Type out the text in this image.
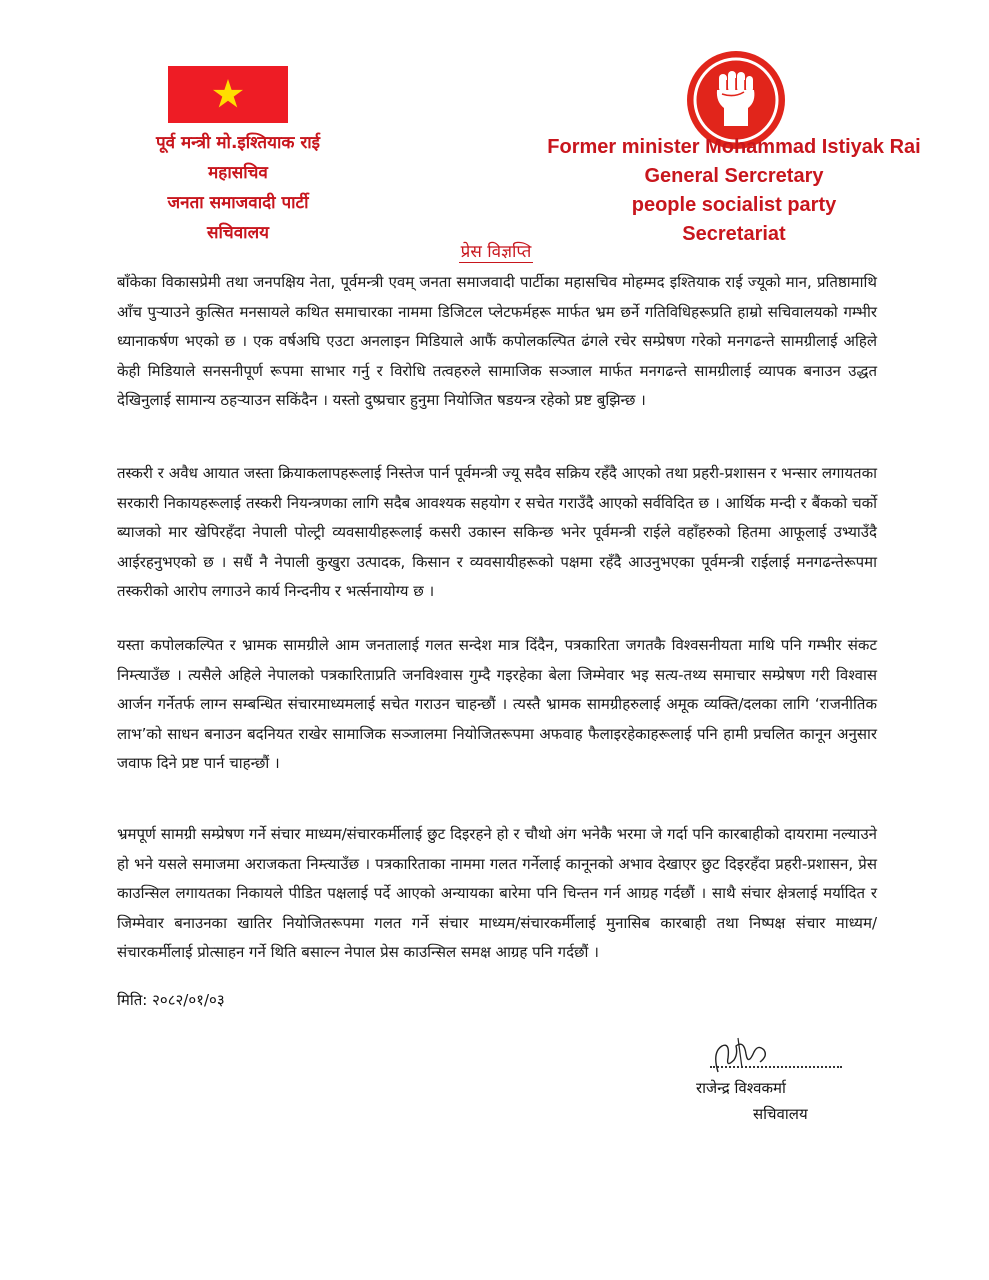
पूर्व मन्त्री मो.इश्तियाक राई
महासचिव
जनता समाजवादी पार्टी
सचिवालय
Former minister Mohammad Istiyak Rai
General Sercretary
people socialist party
Secretariat
प्रेस विज्ञप्ति
बाँकेका विकासप्रेमी तथा जनपक्षिय नेता, पूर्वमन्त्री एवम् जनता समाजवादी पार्टीका महासचिव मोहम्मद इश्तियाक राई ज्यूको मान, प्रतिष्ठामाथि आँच पुऱ्याउने कुत्सित मनसायले कथित समाचारका नाममा डिजिटल प्लेटफर्महरू मार्फत भ्रम छर्ने गतिविधिहरूप्रति हाम्रो सचिवालयको गम्भीर ध्यानाकर्षण भएको छ । एक वर्षअघि एउटा अनलाइन मिडियाले आफैं कपोलकल्पित ढंगले रचेर सम्प्रेषण गरेको मनगढन्ते सामग्रीलाई अहिले केही मिडियाले सनसनीपूर्ण रूपमा साभार गर्नु र विरोधि तत्वहरुले सामाजिक सञ्जाल मार्फत मनगढन्ते सामग्रीलाई व्यापक बनाउन उद्धत देखिनुलाई सामान्य ठहऱ्याउन सकिंदैन । यस्तो दुष्प्रचार हुनुमा नियोजित षडयन्त्र रहेको प्रष्ट बुझिन्छ ।
तस्करी र अवैध आयात जस्ता क्रियाकलापहरूलाई निस्तेज पार्न पूर्वमन्त्री ज्यू सदैव सक्रिय रहँदै आएको तथा प्रहरी-प्रशासन र भन्सार लगायतका सरकारी निकायहरूलाई तस्करी नियन्त्रणका लागि सदैब आवश्यक सहयोग र सचेत गराउँदै आएको सर्वविदित छ । आर्थिक मन्दी र बैंकको चर्को ब्याजको मार खेपिरहँदा नेपाली पोल्ट्री व्यवसायीहरूलाई कसरी उकास्न सकिन्छ भनेर पूर्वमन्त्री राईले वहाँहरुको हितमा आफूलाई उभ्याउँदै आईरहनुभएको छ । सधैं नै नेपाली कुखुरा उत्पादक, किसान र व्यवसायीहरूको पक्षमा रहँदै आउनुभएका पूर्वमन्त्री राईलाई मनगढन्तेरूपमा तस्करीको आरोप लगाउने कार्य निन्दनीय र भर्त्सनायोग्य छ ।
यस्ता कपोलकल्पित र भ्रामक सामग्रीले आम जनतालाई गलत सन्देश मात्र दिंदैन, पत्रकारिता जगतकै विश्वसनीयता माथि पनि गम्भीर संकट निम्त्याउँछ । त्यसैले अहिले नेपालको पत्रकारिताप्रति जनविश्वास गुम्दै गइरहेका बेला जिम्मेवार भइ सत्य-तथ्य समाचार सम्प्रेषण गरी विश्वास आर्जन गर्नेतर्फ लाग्न सम्बन्धित संचारमाध्यमलाई सचेत गराउन चाहन्छौं । त्यस्तै भ्रामक सामग्रीहरुलाई अमूक व्यक्ति/दलका लागि ‘राजनीतिक लाभ’को साधन बनाउन बदनियत राखेर सामाजिक सञ्जालमा नियोजितरूपमा अफवाह फैलाइरहेकाहरूलाई पनि हामी प्रचलित कानून अनुसार जवाफ दिने प्रष्ट पार्न चाहन्छौं ।
भ्रमपूर्ण सामग्री सम्प्रेषण गर्ने संचार माध्यम/संचारकर्मीलाई छुट दिइरहने हो र चौथो अंग भनेकै भरमा जे गर्दा पनि कारबाहीको दायरामा नल्याउने हो भने यसले समाजमा अराजकता निम्त्याउँछ । पत्रकारिताका नाममा गलत गर्नेलाई कानूनको अभाव देखाएर छुट दिइरहँदा प्रहरी-प्रशासन, प्रेस काउन्सिल लगायतका निकायले पीडित पक्षलाई पर्दे आएको अन्यायका बारेमा पनि चिन्तन गर्न आग्रह गर्दछौं । साथै संचार क्षेत्रलाई मर्यादित र जिम्मेवार बनाउनका खातिर नियोजितरूपमा गलत गर्ने संचार माध्यम/संचारकर्मीलाई मुनासिब कारबाही तथा निष्पक्ष संचार माध्यम/संचारकर्मीलाई प्रोत्साहन गर्ने थिति बसाल्न नेपाल प्रेस काउन्सिल समक्ष आग्रह पनि गर्दछौं ।
मिति: २०८२/०१/०३
राजेन्द्र विश्वकर्मा
सचिवालय
